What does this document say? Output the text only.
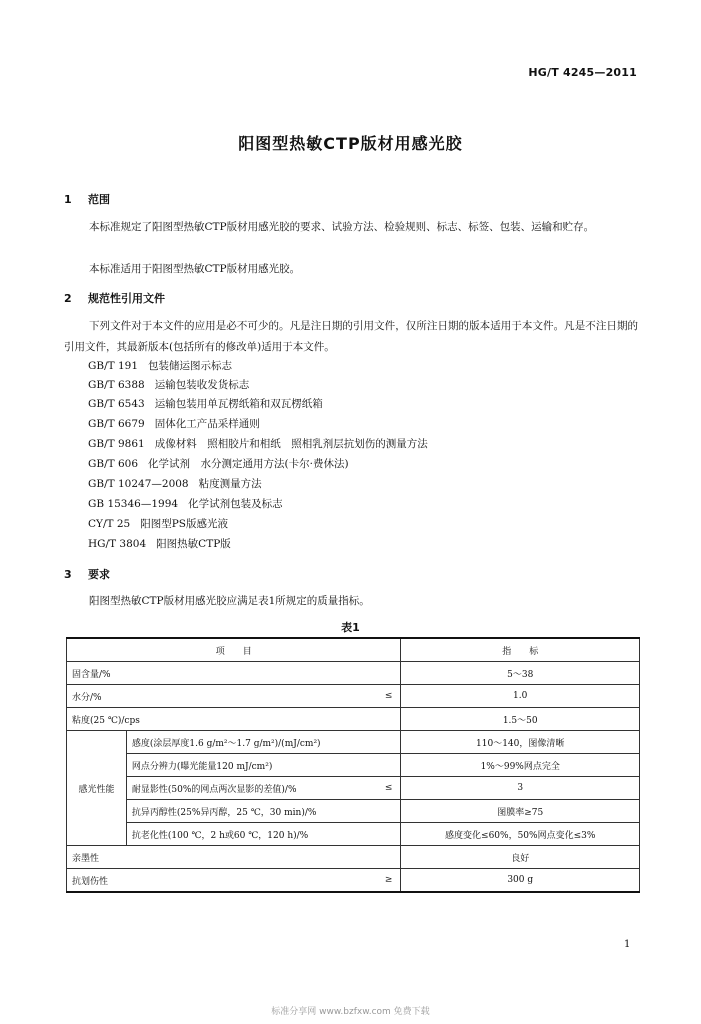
HG/T 4245—2011
阳图型热敏CTP版材用感光胶
1 范围
本标准规定了阳图型热敏CTP版材用感光胶的要求、试验方法、检验规则、标志、标签、包装、运输和贮存。
本标准适用于阳图型热敏CTP版材用感光胶。
2 规范性引用文件
下列文件对于本文件的应用是必不可少的。凡是注日期的引用文件，仅所注日期的版本适用于本文件。凡是不注日期的引用文件，其最新版本(包括所有的修改单)适用于本文件。
GB/T 191 包装储运图示标志
GB/T 6388 运输包装收发货标志
GB/T 6543 运输包装用单瓦楞纸箱和双瓦楞纸箱
GB/T 6679 固体化工产品采样通则
GB/T 9861 成像材料　照相胶片和相纸　照相乳剂层抗划伤的测量方法
GB/T 606 化学试剂　水分测定通用方法(卡尔·费休法)
GB/T 10247—2008 粘度测量方法
GB 15346—1994 化学试剂包装及标志
CY/T 25 阳图型PS版感光液
HG/T 3804 阳图热敏CTP版
3 要求
阳图型热敏CTP版材用感光胶应满足表1所规定的质量指标。
表1
项　　目		指　　标
固含量/%		5～38
水分/% ≤		1.0
粘度(25 ℃)/cps		1.5～50
感光性能	感度(涂层厚度1.6 g/m²～1.7 g/m²)/(mJ/cm²)	110～140，图像清晰
	网点分辨力(曝光能量120 mJ/cm²)	1%～99%网点完全
	耐显影性(50%的网点两次显影的差值)/% ≤	3
	抗异丙醇性(25%异丙醇，25 ℃，30 min)/%	图膜率≥75
	抗老化性(100 ℃，2 h或60 ℃，120 h)/%	感度变化≤60%，50%网点变化≤3%
亲墨性		良好
抗划伤性 ≥		300 g
1
标准分享网 www.bzfxw.com 免费下载
